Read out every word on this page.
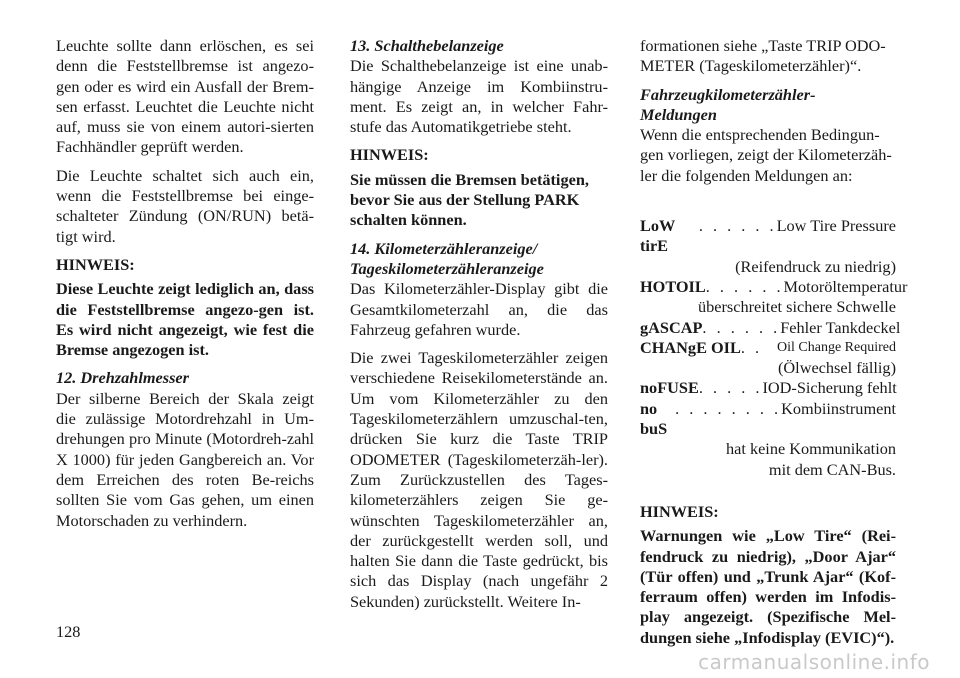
Leuchte sollte dann erlöschen, es sei denn die Feststellbremse ist angezo-gen oder es wird ein Ausfall der Brem-sen erfasst. Leuchtet die Leuchte nicht auf, muss sie von einem autori-sierten Fachhändler geprüft werden.

Die Leuchte schaltet sich auch ein, wenn die Feststellbremse bei einge-schalteter Zündung (ON/RUN) betä-tigt wird.

HINWEIS:

Diese Leuchte zeigt lediglich an, dass die Feststellbremse angezo-gen ist. Es wird nicht angezeigt, wie fest die Bremse angezogen ist.

12. Drehzahlmesser

Der silberne Bereich der Skala zeigt die zulässige Motordrehzahl in Um-drehungen pro Minute (Motordreh-zahl X 1000) für jeden Gangbereich an. Vor dem Erreichen des roten Be-reichs sollten Sie vom Gas gehen, um einen Motorschaden zu verhindern.

13. Schalthebelanzeige

Die Schalthebelanzeige ist eine unab-hängige Anzeige im Kombiinstru-ment. Es zeigt an, in welcher Fahr-stufe das Automatikgetriebe steht.

HINWEIS:

Sie müssen die Bremsen betätigen, bevor Sie aus der Stellung PARK schalten können.

14. Kilometerzähleranzeige/
Tageskilometerzähleranzeige

Das Kilometerzähler-Display gibt die Gesamtkilometerzahl an, die das Fahrzeug gefahren wurde.

Die zwei Tageskilometerzähler zeigen verschiedene Reisekilometerstände an. Um vom Kilometerzähler zu den Tageskilometerzählern umzuschal-ten, drücken Sie kurz die Taste TRIP ODOMETER (Tageskilometerzäh-ler). Zum Zurückzustellen des Tages-kilometerzählers zeigen Sie ge-wünschten Tageskilometerzähler an, der zurückgestellt werden soll, und halten Sie dann die Taste gedrückt, bis sich das Display (nach ungefähr 2 Sekunden) zurückstellt. Weitere In-

formationen siehe „Taste TRIP ODO-METER (Tageskilometerzähler)“.

Fahrzeugkilometerzähler-
Meldungen

Wenn die entsprechenden Bedingun-gen vorliegen, zeigt der Kilometerzäh-ler die folgenden Meldungen an:

LoW tirE
. . . . . . Low Tire Pressure
(Reifendruck zu niedrig)
HOTOIL . . . . . . Motoröltemperatur
überschreitet sichere Schwelle
gASCAP . . . . . . Fehler Tankdeckel
CHANgE OIL . .	Oil Change Required
(Ölwechsel fällig)
noFUSE . . . . . IOD-Sicherung fehlt
no buS
. . . . . . . . Kombiinstrument
hat keine Kommunikation
mit dem CAN-Bus.

HINWEIS:

Warnungen wie „Low Tire“ (Rei-fendruck zu niedrig), „Door Ajar“ (Tür offen) und „Trunk Ajar“ (Kof-ferraum offen) werden im Infodis-play angezeigt. (Spezifische Mel-dungen siehe „Infodisplay (EVIC)“).

128
carmanualsonline.info
